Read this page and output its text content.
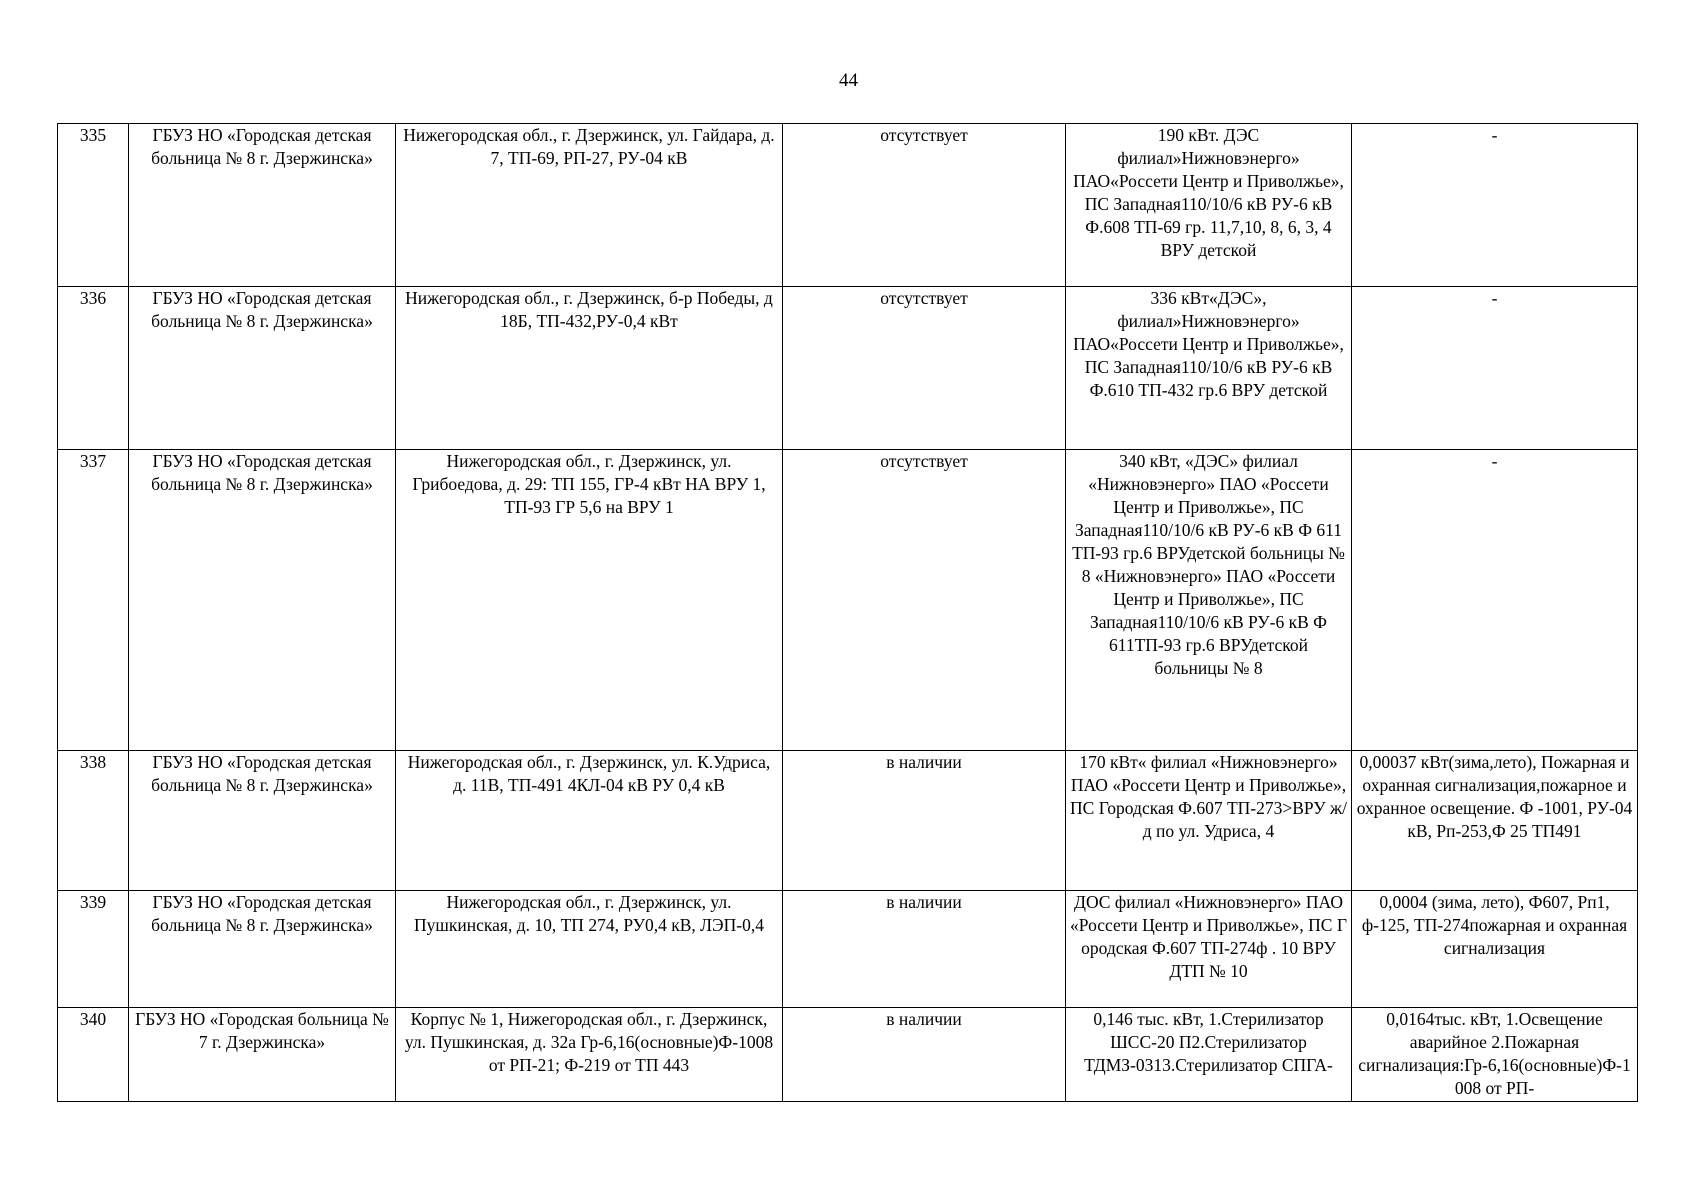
44
335	ГБУЗ НО «Городская детская больница № 8 г. Дзержинска»	Нижегородская обл., г. Дзержинск, ул. Гайдара, д. 7, ТП-69, РП-27, РУ-04 кВ	отсутствует	190 кВт. ДЭС филиал»Нижновэнерго» ПАО«Россети Центр и Приволжье», ПС Западная110/10/6 кВ РУ-6 кВ Ф.608 ТП-69 гр. 11,7,10, 8, 6, 3, 4 ВРУ детской	-
336	ГБУЗ НО «Городская детская больница № 8 г. Дзержинска»	Нижегородская обл., г. Дзержинск, б-р Победы, д 18Б, ТП-432,РУ-0,4 кВт	отсутствует	336 кВт«ДЭС», филиал»Нижновэнерго» ПАО«Россети Центр и Приволжье», ПС Западная110/10/6 кВ РУ-6 кВ Ф.610 ТП-432 гр.6 ВРУ детской	-
337	ГБУЗ НО «Городская детская больница № 8 г. Дзержинска»	Нижегородская обл., г. Дзержинск, ул. Грибоедова, д. 29: ТП 155, ГР-4 кВт НА ВРУ 1, ТП-93 ГР 5,6 на ВРУ 1	отсутствует	340 кВт, «ДЭС» филиал «Нижновэнерго» ПАО «Россети Центр и Приволжье», ПС Западная110/10/6 кВ РУ-6 кВ Ф 611 ТП-93 гр.6 ВРУдетской больницы № 8 «Нижновэнерго» ПАО «Россети Центр и Приволжье», ПС Западная110/10/6 кВ РУ-6 кВ Ф 611ТП-93 гр.6 ВРУдетской больницы № 8	-
338	ГБУЗ НО «Городская детская больница № 8 г. Дзержинска»	Нижегородская обл., г. Дзержинск, ул. К.Удриса, д. 11В, ТП-491 4КЛ-04 кВ РУ 0,4 кВ	в наличии	170 кВт« филиал «Нижновэнерго» ПАО «Россети Центр и Приволжье», ПС Городская Ф.607 ТП-273>ВРУ ж/д по ул. Удриса, 4	0,00037 кВт(зима,лето), Пожарная и охранная сигнализация,пожарное и охранное освещение. Ф -1001, РУ-04 кВ, Рп-253,Ф 25 ТП491
339	ГБУЗ НО «Городская детская больница № 8 г. Дзержинска»	Нижегородская обл., г. Дзержинск, ул. Пушкинская, д. 10, ТП 274, РУ0,4 кВ, ЛЭП-0,4	в наличии	ДОС филиал «Нижновэнерго» ПАО «Россети Центр и Приволжье», ПС Г ородская Ф.607 ТП-274ф . 10 ВРУ ДТП № 10	0,0004 (зима, лето), Ф607, Рп1, ф-125, ТП-274пожарная и охранная сигнализация
340	ГБУЗ НО «Городская больница № 7 г. Дзержинска»	Корпус № 1, Нижегородская обл., г. Дзержинск, ул. Пушкинская, д. 32а Гр-6,16(основные)Ф-1008 от РП-21; Ф-219 от ТП 443	в наличии	0,146 тыс. кВт, 1.Стерилизатор ШСС-20 П2.Стерилизатор ТДМЗ-0313.Стерилизатор СПГА-	0,0164тыс. кВт, 1.Освещение аварийное 2.Пожарная сигнализация:Гр-6,16(основные)Ф-1008 от РП-
